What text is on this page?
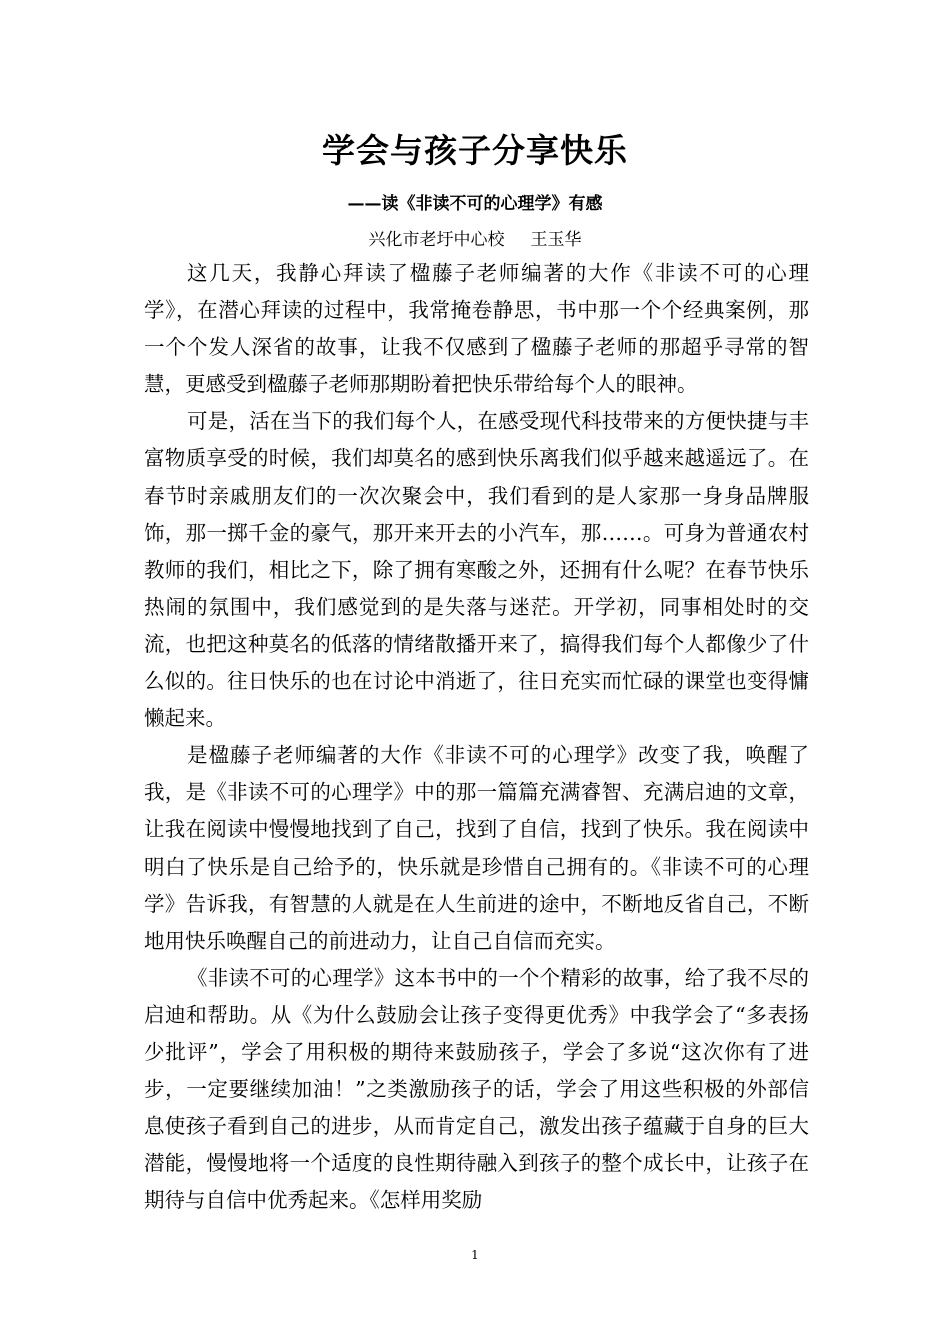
学会与孩子分享快乐
——读《非读不可的心理学》有感
兴化市老圩中心校 王玉华

这几天，我静心拜读了楹藤子老师编著的大作《非读不可的心理学》，在潜心拜读的过程中，我常掩卷静思，书中那一个个经典案例，那一个个发人深省的故事，让我不仅感到了楹藤子老师的那超乎寻常的智慧，更感受到楹藤子老师那期盼着把快乐带给每个人的眼神。

可是，活在当下的我们每个人，在感受现代科技带来的方便快捷与丰富物质享受的时候，我们却莫名的感到快乐离我们似乎越来越遥远了。在春节时亲戚朋友们的一次次聚会中，我们看到的是人家那一身身品牌服饰，那一掷千金的豪气，那开来开去的小汽车，那……。可身为普通农村教师的我们，相比之下，除了拥有寒酸之外，还拥有什么呢？在春节快乐热闹的氛围中，我们感觉到的是失落与迷茫。开学初，同事相处时的交流，也把这种莫名的低落的情绪散播开来了，搞得我们每个人都像少了什么似的。往日快乐的也在讨论中消逝了，往日充实而忙碌的课堂也变得慵懒起来。

是楹藤子老师编著的大作《非读不可的心理学》改变了我，唤醒了我，是《非读不可的心理学》中的那一篇篇充满睿智、充满启迪的文章，让我在阅读中慢慢地找到了自己，找到了自信，找到了快乐。我在阅读中明白了快乐是自己给予的，快乐就是珍惜自己拥有的。《非读不可的心理学》告诉我，有智慧的人就是在人生前进的途中，不断地反省自己，不断地用快乐唤醒自己的前进动力，让自己自信而充实。

《非读不可的心理学》这本书中的一个个精彩的故事，给了我不尽的启迪和帮助。从《为什么鼓励会让孩子变得更优秀》中我学会了“多表扬少批评”，学会了用积极的期待来鼓励孩子，学会了多说“这次你有了进步，一定要继续加油！”之类激励孩子的话，学会了用这些积极的外部信息使孩子看到自己的进步，从而肯定自己，激发出孩子蕴藏于自身的巨大潜能，慢慢地将一个适度的良性期待融入到孩子的整个成长中，让孩子在期待与自信中优秀起来。《怎样用奖励

1
